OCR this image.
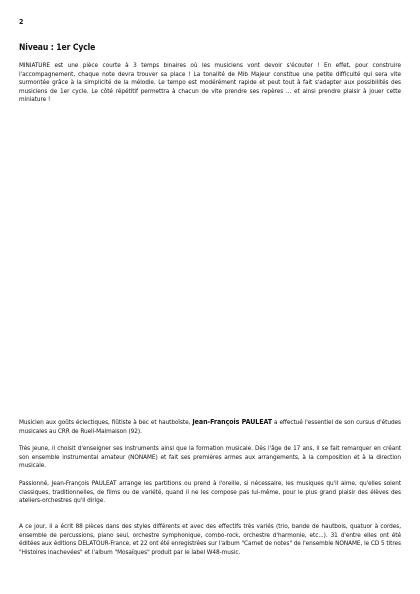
2
Niveau : 1er Cycle

MINIATURE est une pièce courte à 3 temps binaires où les musiciens vont devoir s'écouter ! En effet, pour construire l'accompagnement, chaque note devra trouver sa place ! La tonalité de Mib Majeur constitue une petite difficulté qui sera vite surmontée grâce à la simplicité de la mélodie. Le tempo est modérément rapide et peut tout à fait s'adapter aux possibilités des musiciens de 1er cycle. Le côté répétitif permettra à chacun de vite prendre ses repères ... et ainsi prendre plaisir à jouer cette miniature !

Musicien aux goûts éclectiques, flûtiste à bec et hautboïste, Jean-François PAULEAT a effectué l'essentiel de son cursus d'études musicales au CRR de Rueil-Malmaison (92).

Très jeune, il choisit d'enseigner ses instruments ainsi que la formation musicale. Dès l'âge de 17 ans, il se fait remarquer en créant son ensemble instrumental amateur (NONAME) et fait ses premières armes aux arrangements, à la composition et à la direction musicale.

Passionné, Jean-François PAULEAT arrange les partitions ou prend à l'oreille, si nécessaire, les musiques qu'il aime, qu'elles soient classiques, traditionnelles, de films ou de variété, quand il ne les compose pas lui-même, pour le plus grand plaisir des élèves des ateliers-orchestres qu'il dirige.

A ce jour, il a écrit 88 pièces dans des styles différents et avec des effectifs très variés (trio, bande de hautbois, quatuor à cordes, ensemble de percussions, piano seul, orchestre symphonique, combo-rock, orchestre d'harmonie, etc...). 31 d'entre elles ont été éditées aux éditions DELATOUR-France, et 22 ont été enregistrées sur l'album "Carnet de notes" de l'ensemble NONAME, le CD 5 titres "Histoires inachevées" et l'album "Mosaïques" produit par le label W48-music.
